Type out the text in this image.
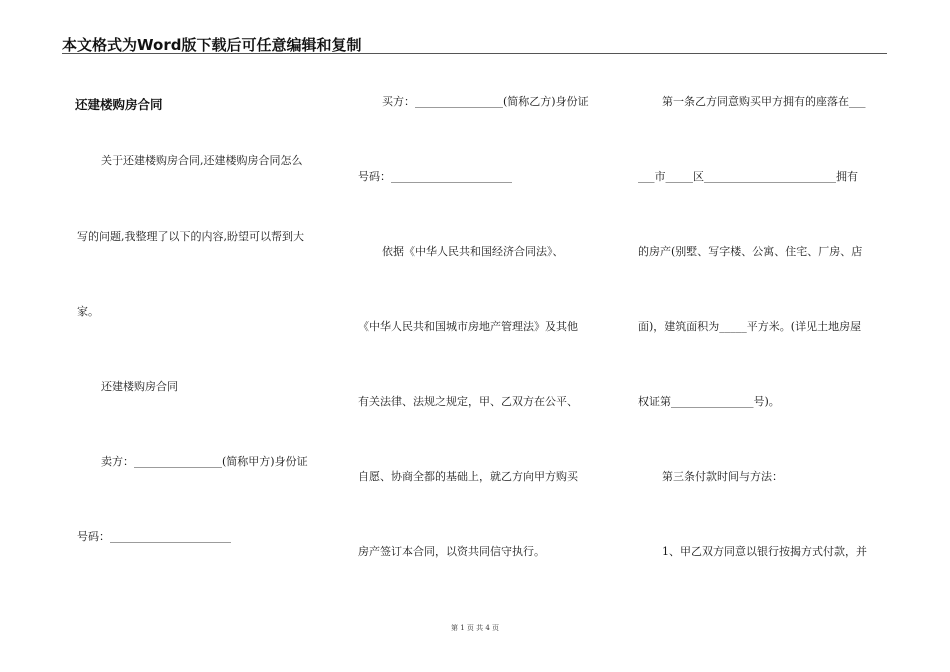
本文格式为Word版下载后可任意编辑和复制
还建楼购房合同
关于还建楼购房合同,还建楼购房合同怎么
写的问题,我整理了以下的内容,盼望可以帮到大
家。
还建楼购房合同
卖方：________________(简称甲方)身份证
号码：______________________
买方：________________(简称乙方)身份证
号码：______________________
依据《中华人民共和国经济合同法》、
《中华人民共和国城市房地产管理法》及其他
有关法律、法规之规定，甲、乙双方在公平、
自愿、协商全都的基础上，就乙方向甲方购买
房产签订本合同，以资共同信守执行。
第一条乙方同意购买甲方拥有的座落在___
___市_____区________________________拥有
的房产(别墅、写字楼、公寓、住宅、厂房、店
面)，建筑面积为_____平方米。(详见土地房屋
权证第_______________号)。
第三条付款时间与方法：
1、甲乙双方同意以银行按揭方式付款，并
第 1 页 共 4 页
